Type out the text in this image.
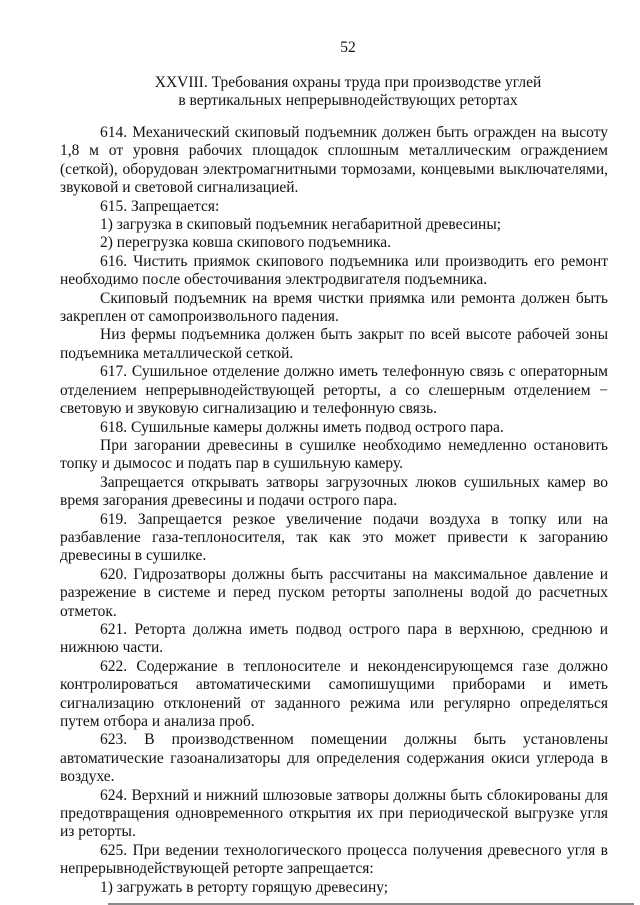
52
XXVIII. Требования охраны труда при производстве углей
в вертикальных непрерывнодействующих ретортах

614. Механический скиповый подъемник должен быть огражден на высоту 1,8 м от уровня рабочих площадок сплошным металлическим ограждением (сеткой), оборудован электромагнитными тормозами, концевыми выключателями, звуковой и световой сигнализацией.

615. Запрещается:

1) загрузка в скиповый подъемник негабаритной древесины;

2) перегрузка ковша скипового подъемника.

616. Чистить приямок скипового подъемника или производить его ремонт необходимо после обесточивания электродвигателя подъемника.

Скиповый подъемник на время чистки приямка или ремонта должен быть закреплен от самопроизвольного падения.

Низ фермы подъемника должен быть закрыт по всей высоте рабочей зоны подъемника металлической сеткой.

617. Сушильное отделение должно иметь телефонную связь с операторным отделением непрерывнодействующей реторты, а со слешерным отделением − световую и звуковую сигнализацию и телефонную связь.

618. Сушильные камеры должны иметь подвод острого пара.

При загорании древесины в сушилке необходимо немедленно остановить топку и дымосос и подать пар в сушильную камеру.

Запрещается открывать затворы загрузочных люков сушильных камер во время загорания древесины и подачи острого пара.

619. Запрещается резкое увеличение подачи воздуха в топку или на разбавление газа-теплоносителя, так как это может привести к загоранию древесины в сушилке.

620. Гидрозатворы должны быть рассчитаны на максимальное давление и разрежение в системе и перед пуском реторты заполнены водой до расчетных отметок.

621. Реторта должна иметь подвод острого пара в верхнюю, среднюю и нижнюю части.

622. Содержание в теплоносителе и неконденсирующемся газе должно контролироваться автоматическими самопишущими приборами и иметь сигнализацию отклонений от заданного режима или регулярно определяться путем отбора и анализа проб.

623. В производственном помещении должны быть установлены автоматические газоанализаторы для определения содержания окиси углерода в воздухе.

624. Верхний и нижний шлюзовые затворы должны быть сблокированы для предотвращения одновременного открытия их при периодической выгрузке угля из реторты.

625. При ведении технологического процесса получения древесного угля в непрерывнодействующей реторте запрещается:

1) загружать в реторту горящую древесину;
